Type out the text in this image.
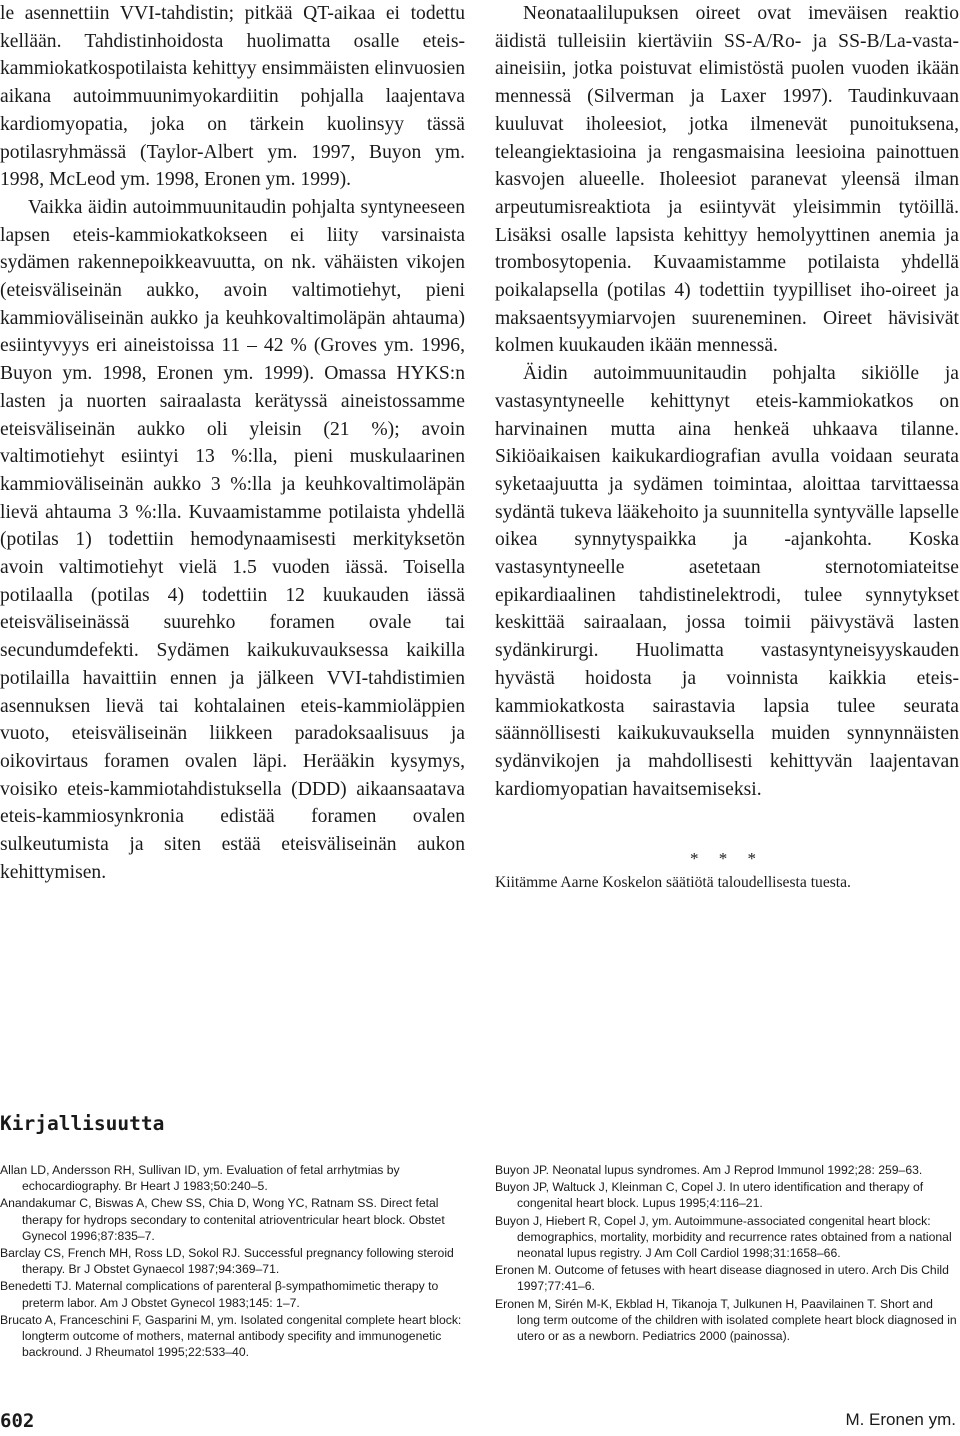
le asennettiin VVI-tahdistin; pitkää QT-aikaa ei todettu kellään. Tahdistinhoidosta huolimatta osalle eteis-kammiokatkospotilaista kehittyy ensimmäisten elinvuosien aikana autoimmuunimyokardiitin pohjalla laajentava kardiomyopatia, joka on tärkein kuolinsyy tässä potilasryhmässä (Taylor-Albert ym. 1997, Buyon ym. 1998, McLeod ym. 1998, Eronen ym. 1999).

Vaikka äidin autoimmuunitaudin pohjalta syntyneeseen lapsen eteis-kammiokatkokseen ei liity varsinaista sydämen rakennepoikkeavuutta, on nk. vähäisten vikojen (eteisväliseinän aukko, avoin valtimotiehyt, pieni kammioväliseinän aukko ja keuhkovaltimoläpän ahtauma) esiintyvyys eri aineistoissa 11 – 42 % (Groves ym. 1996, Buyon ym. 1998, Eronen ym. 1999). Omassa HYKS:n lasten ja nuorten sairaalasta kerätyssä aineistossamme eteisväliseinän aukko oli yleisin (21 %); avoin valtimotiehyt esiintyi 13 %:lla, pieni muskulaarinen kammioväliseinän aukko 3 %:lla ja keuhkovaltimoläpän lievä ahtauma 3 %:lla. Kuvaamistamme potilaista yhdellä (potilas 1) todettiin hemodynaamisesti merkityksetön avoin valtimotiehyt vielä 1.5 vuoden iässä. Toisella potilaalla (potilas 4) todettiin 12 kuukauden iässä eteisväliseinässä suurehko foramen ovale tai secundumdefekti. Sydämen kaikukuvauksessa kaikilla potilailla havaittiin ennen ja jälkeen VVI-tahdistimien asennuksen lievä tai kohtalainen eteis-kammioläppien vuoto, eteisväliseinän liikkeen paradoksaalisuus ja oikovirtaus foramen ovalen läpi. Herääkin kysymys, voisiko eteis-kammiotahdistuksella (DDD) aikaansaatava eteis-kammiosynkronia edistää foramen ovalen sulkeutumista ja siten estää eteisväliseinän aukon kehittymisen.

Neonataalilupuksen oireet ovat imeväisen reaktio äidistä tulleisiin kiertäviin SS-A/Ro- ja SS-B/La-vasta-aineisiin, jotka poistuvat elimistöstä puolen vuoden ikään mennessä (Silverman ja Laxer 1997). Taudinkuvaan kuuluvat iholeesiot, jotka ilmenevät punoituksena, teleangiektasioina ja rengasmaisina leesioina painottuen kasvojen alueelle. Iholeesiot paranevat yleensä ilman arpeutumisreaktiota ja esiintyvät yleisimmin tytöillä. Lisäksi osalle lapsista kehittyy hemolyyttinen anemia ja trombosytopenia. Kuvaamistamme potilaista yhdellä poikalapsella (potilas 4) todettiin tyypilliset iho-oireet ja maksaentsyymiarvojen suureneminen. Oireet hävisivät kolmen kuukauden ikään mennessä.

Äidin autoimmuunitaudin pohjalta sikiölle ja vastasyntyneelle kehittynyt eteis-kammiokatkos on harvinainen mutta aina henkeä uhkaava tilanne. Sikiöaikaisen kaikukardiografian avulla voidaan seurata syketaajuutta ja sydämen toimintaa, aloittaa tarvittaessa sydäntä tukeva lääkehoito ja suunnitella syntyvälle lapselle oikea synnytyspaikka ja -ajankohta. Koska vastasyntyneelle asetetaan sternotomiateitse epikardiaalinen tahdistinelektrodi, tulee synnytykset keskittää sairaalaan, jossa toimii päivystävä lasten sydänkirurgi. Huolimatta vastasyntyneisyyskauden hyvästä hoidosta ja voinnista kaikkia eteis-kammiokatkosta sairastavia lapsia tulee seurata säännöllisesti kaikukuvauksella muiden synnynnäisten sydänvikojen ja mahdollisesti kehittyvän laajentavan kardiomyopatian havaitsemiseksi.

* * *

Kiitämme Aarne Koskelon säätiötä taloudellisesta tuesta.

Kirjallisuutta

Allan LD, Andersson RH, Sullivan ID, ym. Evaluation of fetal arrhytmias by echocardiography. Br Heart J 1983;50:240–5.

Anandakumar C, Biswas A, Chew SS, Chia D, Wong YC, Ratnam SS. Direct fetal therapy for hydrops secondary to contenital atrioventricular heart block. Obstet Gynecol 1996;87:835–7.

Barclay CS, French MH, Ross LD, Sokol RJ. Successful pregnancy following steroid therapy. Br J Obstet Gynaecol 1987;94:369–71.

Benedetti TJ. Maternal complications of parenteral β-sympathomimetic therapy to preterm labor. Am J Obstet Gynecol 1983;145: 1–7.

Brucato A, Franceschini F, Gasparini M, ym. Isolated congenital complete heart block: longterm outcome of mothers, maternal antibody specifity and immunogenetic backround. J Rheumatol 1995;22:533–40.

Buyon JP. Neonatal lupus syndromes. Am J Reprod Immunol 1992;28: 259–63.

Buyon JP, Waltuck J, Kleinman C, Copel J. In utero identification and therapy of congenital heart block. Lupus 1995;4:116–21.

Buyon J, Hiebert R, Copel J, ym. Autoimmune-associated congenital heart block: demographics, mortality, morbidity and recurrence rates obtained from a national neonatal lupus registry. J Am Coll Cardiol 1998;31:1658–66.

Eronen M. Outcome of fetuses with heart disease diagnosed in utero. Arch Dis Child 1997;77:41–6.

Eronen M, Sirén M-K, Ekblad H, Tikanoja T, Julkunen H, Paavilainen T. Short and long term outcome of the children with isolated complete heart block diagnosed in utero or as a newborn. Pediatrics 2000 (painossa).

602	M. Eronen ym.
